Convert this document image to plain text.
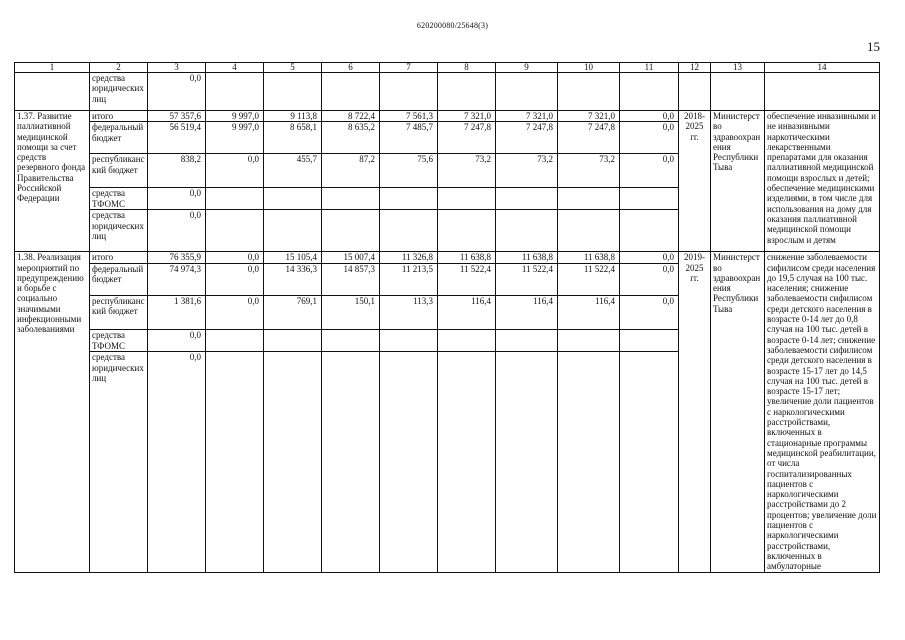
620200080/25648(3)
15
1	2	3	4	5	6	7	8	9	10	11	12	13	14
	средства юридических лиц	0,0											
1.37. Развитие паллиативной медицинской помощи за счет средств резервного фонда Правительства Российской Федерации	итого	57 357,6	9 997,0	9 113,8	8 722,4	7 561,3	7 321,0	7 321,0	7 321,0	0,0	2018-2025 гг.	Министерство здравоохранения Республики Тыва	обеспечение инвазивными и не инвазивными наркотическими лекарственными препаратами для оказания паллиативной медицинской помощи взрослых и детей; обеспечение медицинскими изделиями, в том числе для использования на дому для оказания паллиативной медицинской помощи взрослым и детям
	федеральный бюджет	56 519,4	9 997,0	8 658,1	8 635,2	7 485,7	7 247,8	7 247,8	7 247,8	0,0			
	республиканский бюджет	838,2	0,0	455,7	87,2	75,6	73,2	73,2	73,2	0,0			
	средства ТФОМС	0,0											
	средства юридических лиц	0,0											
1.38. Реализация мероприятий по предупреждению и борьбе с социально значимыми инфекционными заболеваниями	итого	76 355,9	0,0	15 105,4	15 007,4	11 326,8	11 638,8	11 638,8	11 638,8	0,0	2019-2025 гг.	Министерство здравоохранения Республики Тыва	снижение заболеваемости сифилисом среди населения до 19,5 случая на 100 тыс. населения; снижение заболеваемости сифилисом среди детского населения в возрасте 0-14 лет до 0,8 случая на 100 тыс. детей в возрасте 0-14 лет; снижение заболеваемости сифилисом среди детского населения в возрасте 15-17 лет до 14,5 случая на 100 тыс. детей в возрасте 15-17 лет; увеличение доли пациентов с наркологическими расстройствами, включенных в стационарные программы медицинской реабилитации, от числа госпитализированных пациентов с наркологическими расстройствами до 2 процентов; увеличение доли пациентов с наркологическими расстройствами, включенных в амбулаторные
	федеральный бюджет	74 974,3	0,0	14 336,3	14 857,3	11 213,5	11 522,4	11 522,4	11 522,4	0,0			
	республиканский бюджет	1 381,6	0,0	769,1	150,1	113,3	116,4	116,4	116,4	0,0			
	средства ТФОМС	0,0											
	средства юридических лиц	0,0											
